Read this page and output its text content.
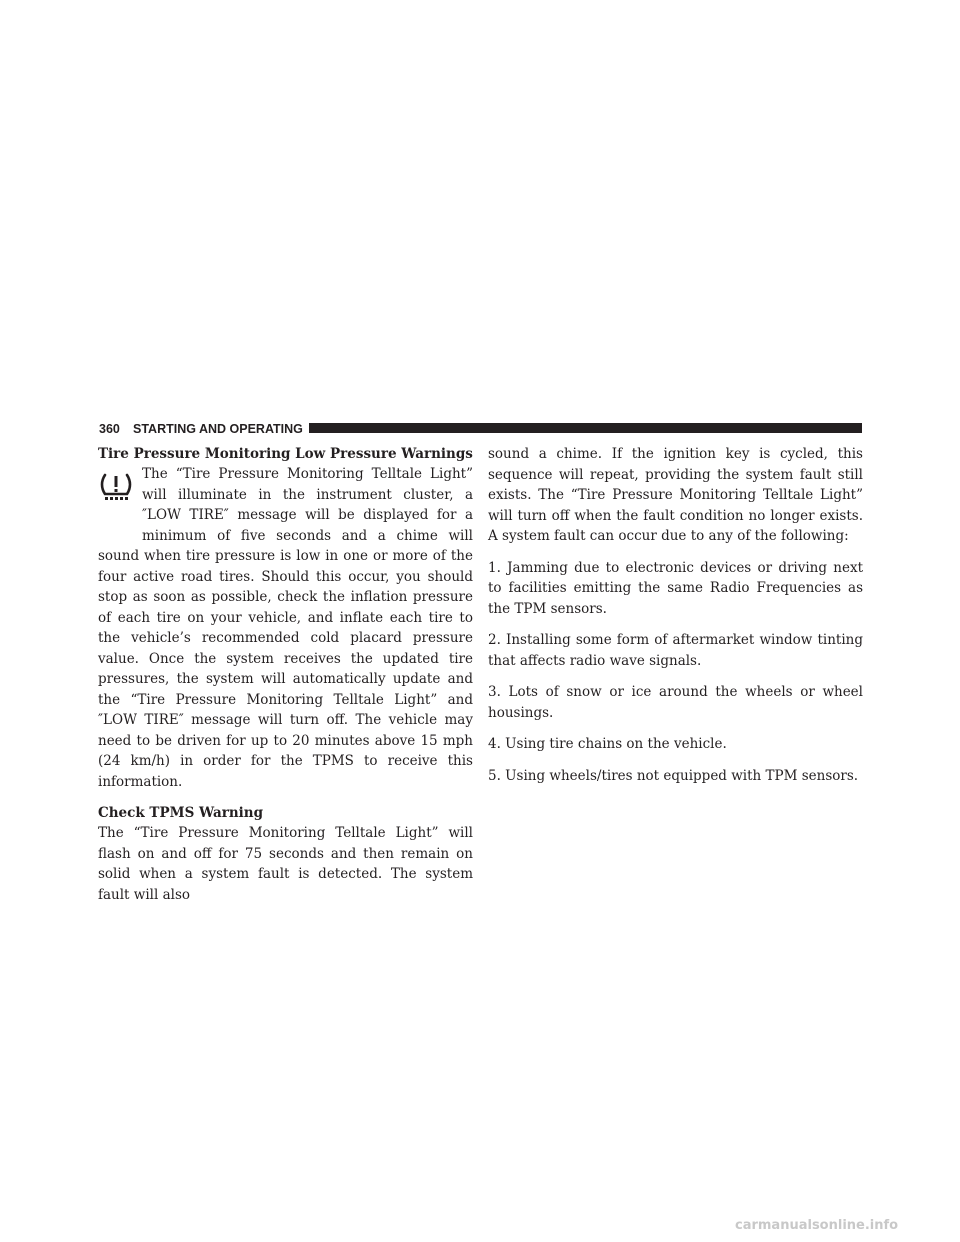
360 STARTING AND OPERATING

Tire Pressure Monitoring Low Pressure Warnings

The “Tire Pressure Monitoring Telltale Light” will illuminate in the instrument cluster, a ″LOW TIRE″ message will be displayed for a minimum of five seconds and a chime will sound when tire pressure is low in one or more of the four active road tires. Should this occur, you should stop as soon as possible, check the inflation pressure of each tire on your vehicle, and inflate each tire to the vehicle’s recommended cold placard pressure value. Once the system receives the updated tire pressures, the system will automatically update and the “Tire Pressure Monitoring Telltale Light” and ″LOW TIRE″ message will turn off. The vehicle may need to be driven for up to 20 minutes above 15 mph (24 km/h) in order for the TPMS to receive this information.

Check TPMS Warning

The “Tire Pressure Monitoring Telltale Light” will flash on and off for 75 seconds and then remain on solid when a system fault is detected. The system fault will also

sound a chime. If the ignition key is cycled, this sequence will repeat, providing the system fault still exists. The “Tire Pressure Monitoring Telltale Light” will turn off when the fault condition no longer exists. A system fault can occur due to any of the following:

1. Jamming due to electronic devices or driving next to facilities emitting the same Radio Frequencies as the TPM sensors.

2. Installing some form of aftermarket window tinting that affects radio wave signals.

3. Lots of snow or ice around the wheels or wheel housings.

4. Using tire chains on the vehicle.

5. Using wheels/tires not equipped with TPM sensors.

carmanualsonline.info
